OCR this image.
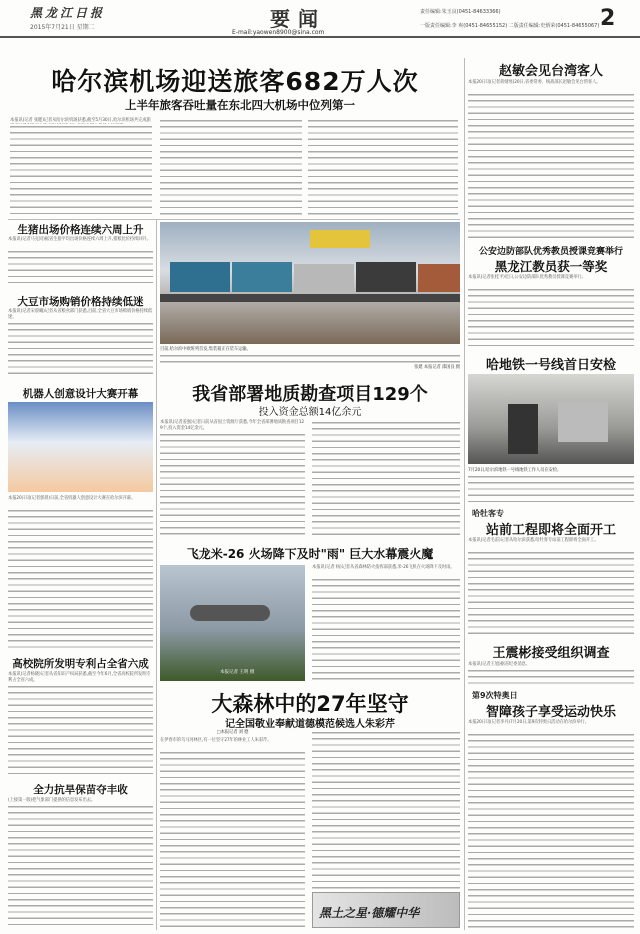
黑龙江日报
2015年7月21日 星期二	要闻
E-mail:yaowen8900@sina.com
责任编辑:朱玉良(0451-84633366)
一版责任编辑:李 爽(0451-84655152) 二版责任编辑:史炳荣(0451-84655067) 2
哈尔滨机场迎送旅客682万人次
上半年旅客吞吐量在东北四大机场中位列第一
本报讯(记者 张健)记者从哈尔滨机场获悉,截至5月30日,哈尔滨机场共完成旅
生猪出场价格连续六周上升
本报讯(记者马克同)据省生猪平均出场价格连续六周上升,猪粮比价持续回升。
大豆市场购销价格持续低迷
本报讯(记者宋晨曦)记者从省粮食部门获悉,目前,全省大豆市场购销价格持续低迷。
机器人创意设计大赛开幕
本报20日讯(记者郭晨)日前,全省机器人创意设计大赛在哈尔滨开幕。
高校院所发明专利占全省六成
本报讯(记者杨晓)记者从省知识产权局获悉,截至今年6月,全省高校院所发明专利占全省六成。
全力抗旱保苗夺丰收
(上接第一版)把气象部门提供的信息发布出去。
目前,哈尔滨中欧班列首发,集装箱正在装车运输。
张建 本报记者 邵国良 摄
我省部署地质勘查项目129个
投入资金总额14亿余元
本报讯(记者姜强)记者日前从省国土资源厅获悉,今年全省部署地质勘查项目129个,投入资金14亿余元。
飞龙米-26 火场降下及时"雨" 巨大水幕震火魔
本报记者 王明 摄
本报讯(记者 杨)记者从省森林防火指挥部获悉,米-26飞机在火场降下及时雨。
大森林中的27年坚守
记全国敬业奉献道德模范候选人朱彩芹
□本报记者 刘 德
在伊春市的乌马河林区,有一位坚守27年的林业工人朱彩芹。
黑土之星·德耀中华
赵敏会见台湾客人
本报20日讯(记者蒋婧瑶)20日,省委常委、统战部长赵敏会见台湾客人。
公安边防部队优秀教员授课竞赛举行
黑龙江教员获一等奖
本报讯(记者张桂平)近日,公安边防部队优秀教员授课竞赛举行。
哈地铁一号线首日安检
7月20日,哈尔滨地铁一号线地铁工作人员在安检。
哈牡客专
站前工程即将全面开工
本报讯(记者毛雷)记者从哈尔滨获悉,哈牡客专站前工程即将全面开工。
王震彬接受组织调查
本报讯(记者王旭)据省纪委消息。
第9次特奥日
智障孩子享受运动快乐
本报20日讯(记者李丹)7月20日,第9次特奥日活动在哈尔滨举行。
